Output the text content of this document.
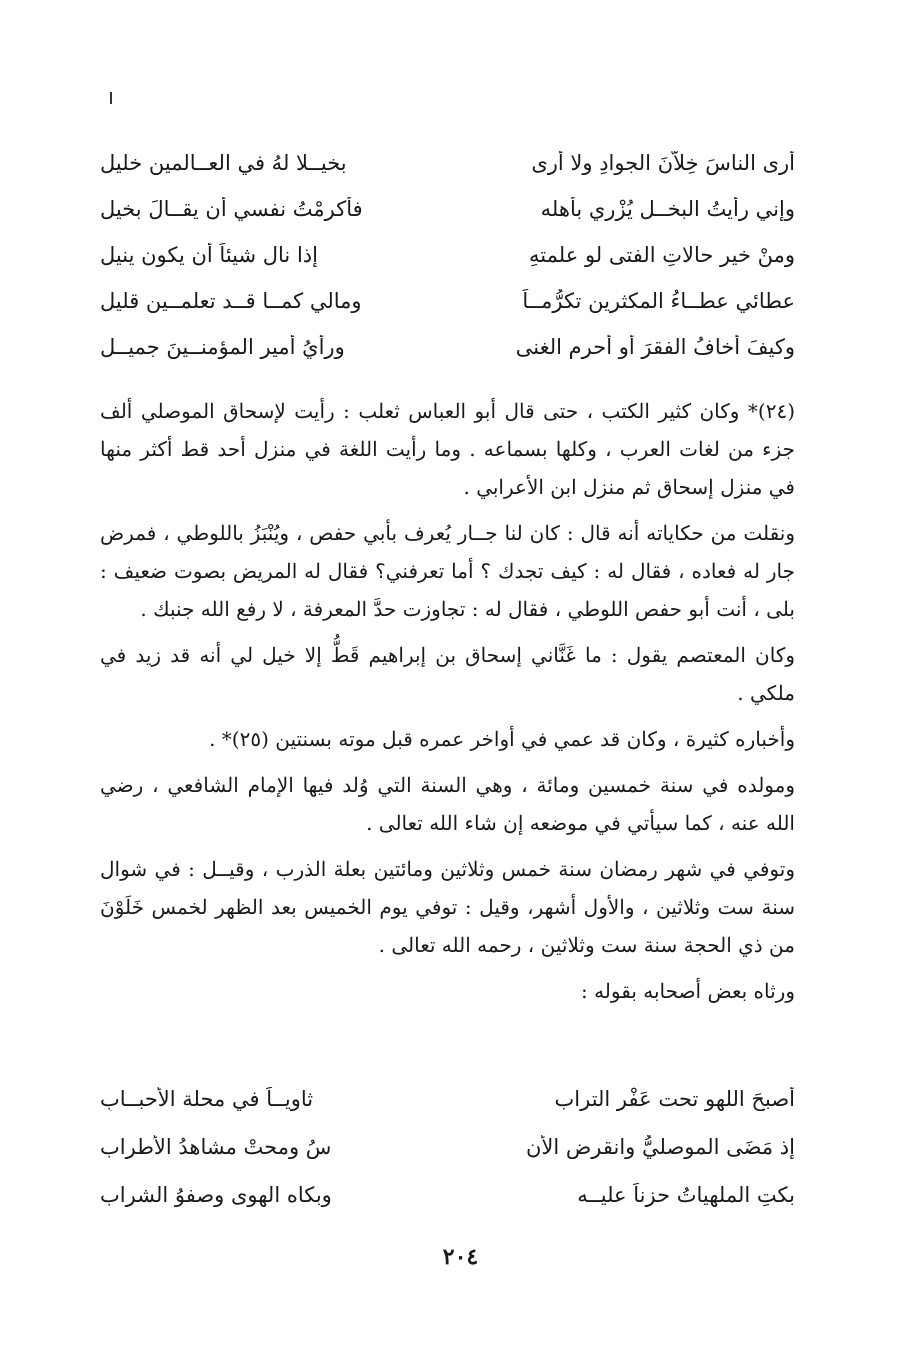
أرى الناسَ خِلاّنَ الجوادِ ولا أرى
بخيــلا لهُ في العــالمين خليل
وإني رأيتُ البخــل يُزْري بأهله
فأكرمْتُ نفسي أن يقــالَ بخيل
ومنْ خير حالاتِ الفتى لو علمتهِ
إذا نال شيئاً أن يكون ينيل
عطائي عطــاءُ المكثرين تكرُّمــاً
ومالي كمــا قــد تعلمــين قليل
وكيفَ أخافُ الفقرَ أو أُحرم الغنى
ورأيُ أمير المؤمنــينَ جميــل

(٢٤)* وكان كثير الكتب ، حتى قال أبو العباس ثعلب : رأيت لإسحاق الموصلي ألف جزء من لغات العرب ، وكلها بسماعه . وما رأيت اللغة في منزل أحد قط أكثر منها في منزل إسحاق ثم منزل ابن الأعرابي .

ونقلت من حكاياته أنه قال : كان لنا جــار يُعرف بأبي حفص ، ويُنْبَزُ باللوطي ، فمرض جار له فعاده ، فقال له : كيف تجدك ؟ أما تعرفني؟ فقال له المريض بصوت ضعيف : بلى ، أنت أبو حفص اللوطي ، فقال له : تجاوزت حدَّ المعرفة ، لا رفع الله جنبك .

وكان المعتصم يقول : ما غَنَّاني إسحاق بن إبراهيم قَطُّ إلا خيل لي أنه قد زيد في ملكي .

وأخباره كثيرة ، وكان قد عمي في أواخر عمره قبل موته بسنتين (٢٥)* .

ومولده في سنة خمسين ومائة ، وهي السنة التي وُلد فيها الإمام الشافعي ، رضي الله عنه ، كما سيأتي في موضعه إن شاء الله تعالى .

وتوفي في شهر رمضان سنة خمس وثلاثين ومائتين بعلة الذرب ، وقيــل : في شوال سنة ست وثلاثين ، والأول أشهر، وقيل : توفي يوم الخميس بعد الظهر لخمس خَلَوْنَ من ذي الحجة سنة ست وثلاثين ، رحمه الله تعالى .

ورثاه بعض أصحابه بقوله :

أصبحَ اللهو تحت عَفْرِ التراب
ثاويــاً في محلة الأحبــابِ
إذ مَضَى الموصليُّ وانقرض الأن
سُ ومحتْ مشاهدُ الأطراب
بكتِ الملهياتُ حزناً عليــه
وبكاه الهوى وصفوُ الشراب
٢٠٤
